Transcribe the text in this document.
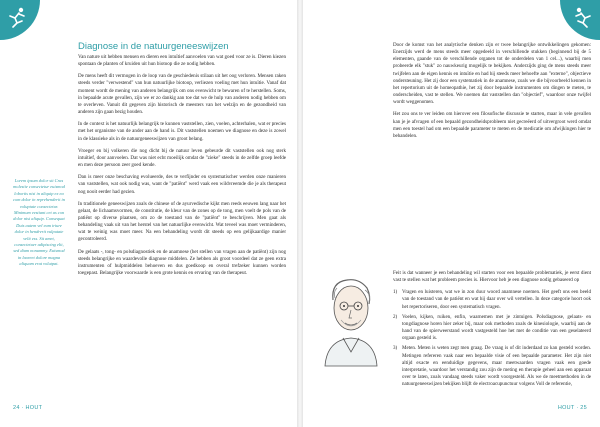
Diagnose in de natuurgeneeswijzen
Lorem ipsum dolor sit Cras molestie consectetur euismod lobortis nisi in aliquip ex ea com dolor in reprehenderit in voluptate consectetur. Minimum vestiant cet as con dolor nisi aliquip. Consequat Duis autem vel eum iriure dolor in hendrerit vulputate velit ess. Sit amet, consectetuer adipiscing elit, sed diam nonummy. Euismod in laoreet dolore magna aliquam erat volutpat.

Van nature uit hebben mensen en dieren een intuïtief aanvoelen van wat goed voor ze is. Dieren kiezen spontaan de planten of kruiden uit hun biotoop die ze nodig hebben.

De mens heeft dit vermogen in de loop van de geschiedenis stilaan uit het oog verloren. Mensen raken steeds verder "verwestend" van hun natuurlijke biotoop, verliezen voeling met hun intuïtie. Vanaf dat moment wordt de mening van anderen belangrijk om ons evenwicht te bewaren of te herstellen. Soms, in bepaalde acute gevallen, zijn we er zo dankig aan toe dat we de hulp van anderen nodig hebben om te overleven. Vanuit dit gegeven zijn historisch de meesters van het welzijn en de gezondheid van anderen zijn gaan bezig houden.

In de context is het natuurlijk belangrijk te kunnen vaststellen, zien, voelen, achterhalen, wat er precies met het organisme van de ander aan de hand is. Dit vaststellen noemen we diagnose en deze is zowel in de klassieke als in de natuurgeneeswijzen van groot belang.

Vroeger en bij volkeren die nog dicht bij de natuur leven gebeurde dit vaststellen ook nog sterk intuïtief, door aanvoelen. Dat was niet echt moeilijk omdat de "zieke" steeds in de zelfde groep leefde en men deze persoon zeer goed kende.

Dan is meer onze beschaving evolueerde, des te verfijnder en systematischer werden onze manieren van vaststellen, wat ook nodig was, want de "patiënt" werd vaak een wildvreemde die je als therapeut nog nooit eerder had gezien.

In traditionele geneeswijzen zoals de chinese of de ayurvedische kijkt men reeds eeuwen lang naar het gelaat, de lichaamsvormen, de constitutie, de kleur van de zones op de tong, men voelt de pols van de patiënt op diverse plaatsen, om zo de toestand van de "patiënt" te beschrijven. Men gaat als behandeling vaak uit van het herstel van het natuurlijke evenwicht. Wat teveel was moet verminderen, wat te weinig was moet meer. Na een behandeling wordt dit steeds op een gelijkaardige manier gecontroleerd.

De gelaats -, tong- en polsdiagnostiek en de anamnese (het stellen van vragen aan de patiënt) zijn nog steeds belangrijke en waardevolle diagnose middelen. Ze hebben als groot voordeel dat ze geen extra instrumenten of hulpmiddelen behoeven en dus goedkoop en overal trefzeker kunnen worden toegepast. Belangrijke voorwaarde is een grote kennis en ervaring van de therapeut.

24 · HOUT

Door de komst van het analytische denken zijn er twee belangrijke ontwikkelingen gekomen: Enerzijds werd de mens steeds meer opgedeeld in verschillende stukken (beginnend bij de 5 elementen, gaande van de verschillende organen tot de onderdelen van 1 cel...), waarbij men probeerde elk "stuk" zo nauwkeurig mogelijk te bekijken. Anderzijds ging de mens steeds meer twijfelen aan de eigen kennis en intuïtie en had hij steeds meer behoefte aan "externe", objectieve ondersteuning. Het zij door een systematiek in de anamnese, zoals we die bijvoorbeeld kennen in het repertorium uit de homeopathie, het zij door bepaalde instrumenten om dingen te meten, te onderscheiden, vast te stellen. We noemen dat vaststellen dan "objectief", waardoor onze twijfel wordt weggenomen.

Het zou ons te ver leiden om hierover een filosofische discussie te starten, maar in vele gevallen kan je je afvragen of een bepaald gezondheidsprobleem niet gecreëerd of uitvergroot werd omdat men een toestel had om een bepaalde parameter te meten en de medicatie om afwijkingen hier te behandelen.

Feit is dat wanneer je een behandeling wil starten voor een bepaalde problematiek, je eerst dient vast te stellen wat het probleem precies is. Hiervoor heb je een diagnose nodig gebaseerd op

1) Vragen en luisteren, wat we in zon duur woord anamnese noemen. Het geeft ons een beeld van de toestand van de patiënt en wat hij daar over wil vertellen. In deze categorie hoort ook het repertoriseren, door een systematisch vragen.
2) Voelen, kijken, ruiken, enfin, waarnemen met je zintuigen. Polsdiagnose, gelaats- en tongdiagnose horen hier zeker bij, maar ook methoden zoals de kinesiologie, waarbij aan de hand van de spierweerstand wordt vastgesteld hoe het met de conditie van een geselateerd orgaan gesteld is.
3) Meten. Meten is weten zegt men graag. De vraag is of dit inderdaad zo kan gesteld worden. Metingen refereren vaak naar een bepaalde visie of een bepaalde parameter. Het zijn niet altijd exacte en eenduidige gegevens, maar meetwaarden vragen vaak een goede interpretatie, waardoor het verstandig zou zijn de meting en therapie geheel aan een apparaat over te laten, zoals vandaag steeds vaker wordt voorgesteld. Als we de meetmethoden in de natuurgeneeswijzen bekijken blijft de electroacupunctuur volgens Voll de referentie,
HOUT · 25
